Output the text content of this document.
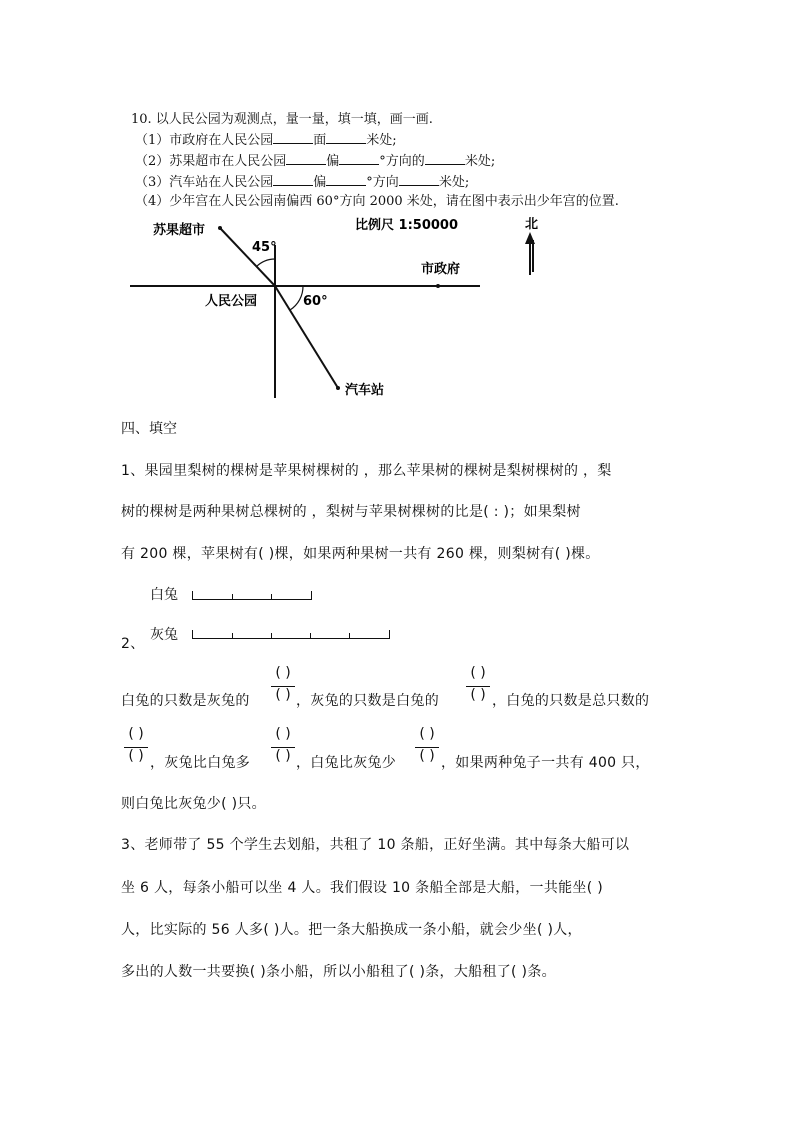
10. 以人民公园为观测点，量一量，填一填，画一画.
（1）市政府在人民公园	面	米处;
（2）苏果超市在人民公园	偏	°方向的	米处;
（3）汽车站在人民公园	偏	°方向	米处;
（4）少年宫在人民公园南偏西 60°方向 2000 米处，请在图中表示出少年宫的位置.
苏果超市
45°
比例尺 1:50000	北
市政府
人民公园	60°
汽车站
四、填空
1、果园里梨树的棵树是苹果树棵树的 ，那么苹果树的棵树是梨树棵树的 ，梨
树的棵树是两种果树总棵树的 ，梨树与苹果树棵树的比是( : )；如果梨树
有 200 棵，苹果树有( )棵，如果两种果树一共有 260 棵，则梨树有( )棵。
白兔
2、
灰兔
白兔的只数是灰兔的
( )
( ) ，灰兔的只数是白兔的
( )
( ) ，白兔的只数是总只数的
( )
( ) ，灰兔比白兔多
( )
( ) ，白兔比灰兔少
( )
( ) ，如果两种兔子一共有 400 只，
则白兔比灰兔少( )只。
3、老师带了 55 个学生去划船，共租了 10 条船，正好坐满。其中每条大船可以
坐 6 人，每条小船可以坐 4 人。我们假设 10 条船全部是大船，一共能坐( )
人，比实际的 56 人多( )人。把一条大船换成一条小船，就会少坐( )人，
多出的人数一共要换( )条小船，所以小船租了( )条，大船租了( )条。
